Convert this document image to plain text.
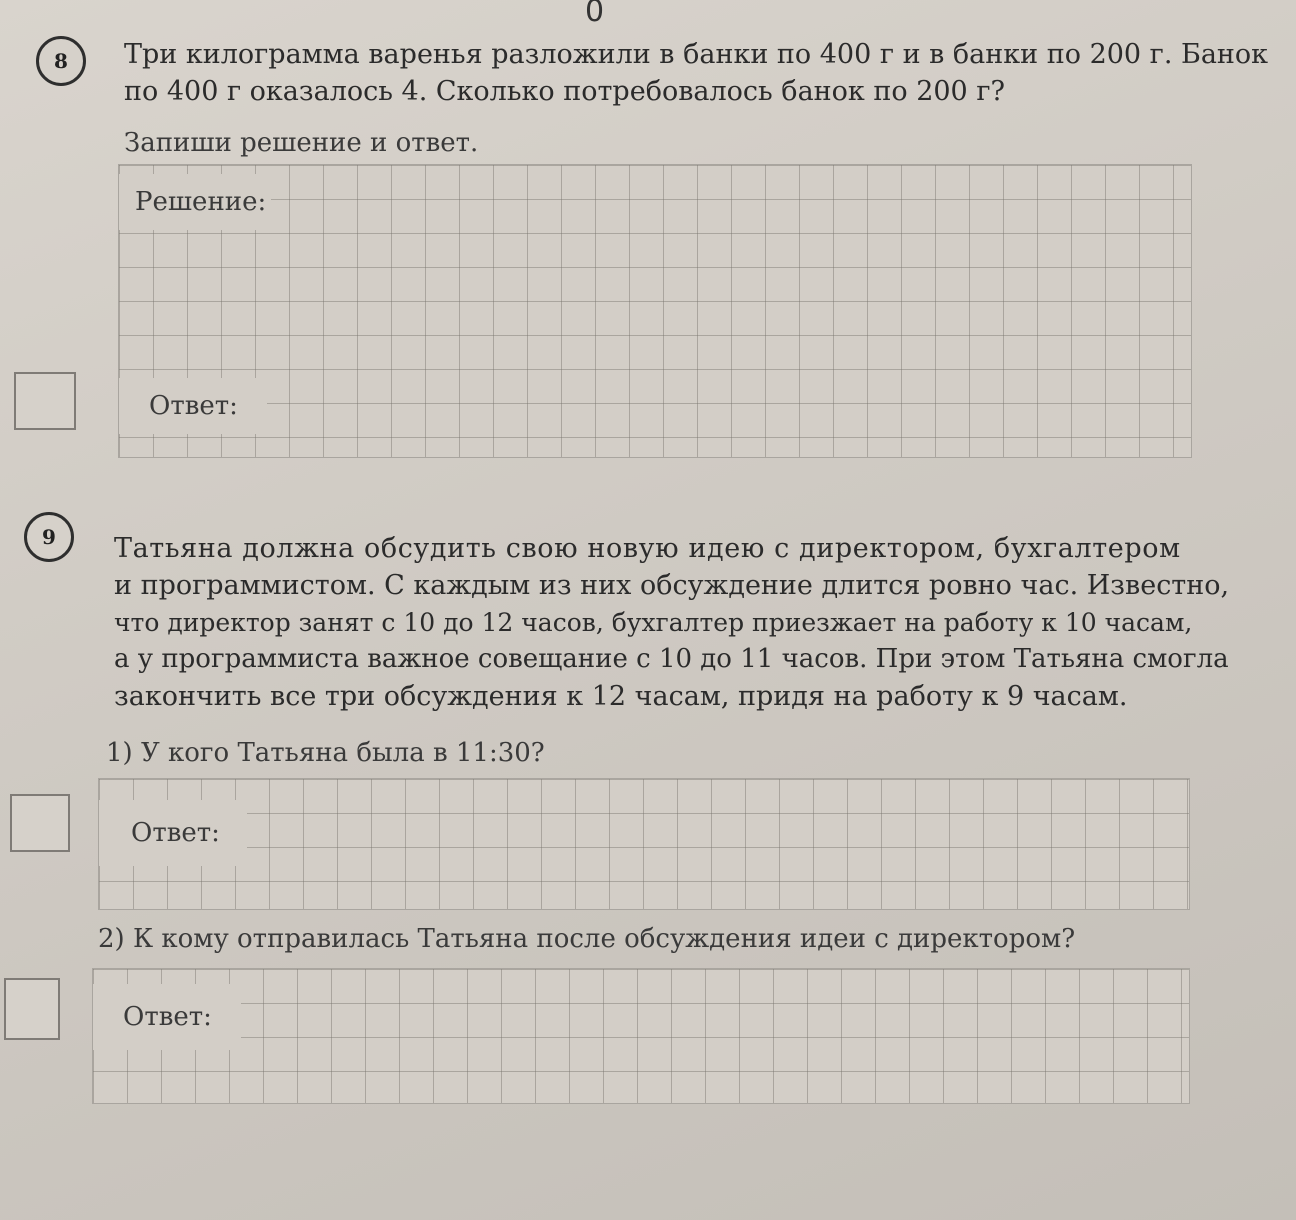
0
8	Три килограмма варенья разложили в банки по 400 г и в банки по 200 г. Банок
по 400 г оказалось 4. Сколько потребовалось банок по 200 г?
Запиши решение и ответ.
Решение:
Ответ:
9	Татьяна должна обсудить свою новую идею с директором, бухгалтером
и программистом. С каждым из них обсуждение длится ровно час. Известно,
что директор занят с 10 до 12 часов, бухгалтер приезжает на работу к 10 часам,
а у программиста важное совещание с 10 до 11 часов. При этом Татьяна смогла
закончить все три обсуждения к 12 часам, придя на работу к 9 часам.
1) У кого Татьяна была в 11:30?
Ответ:
2) К кому отправилась Татьяна после обсуждения идеи с директором?
Ответ:
